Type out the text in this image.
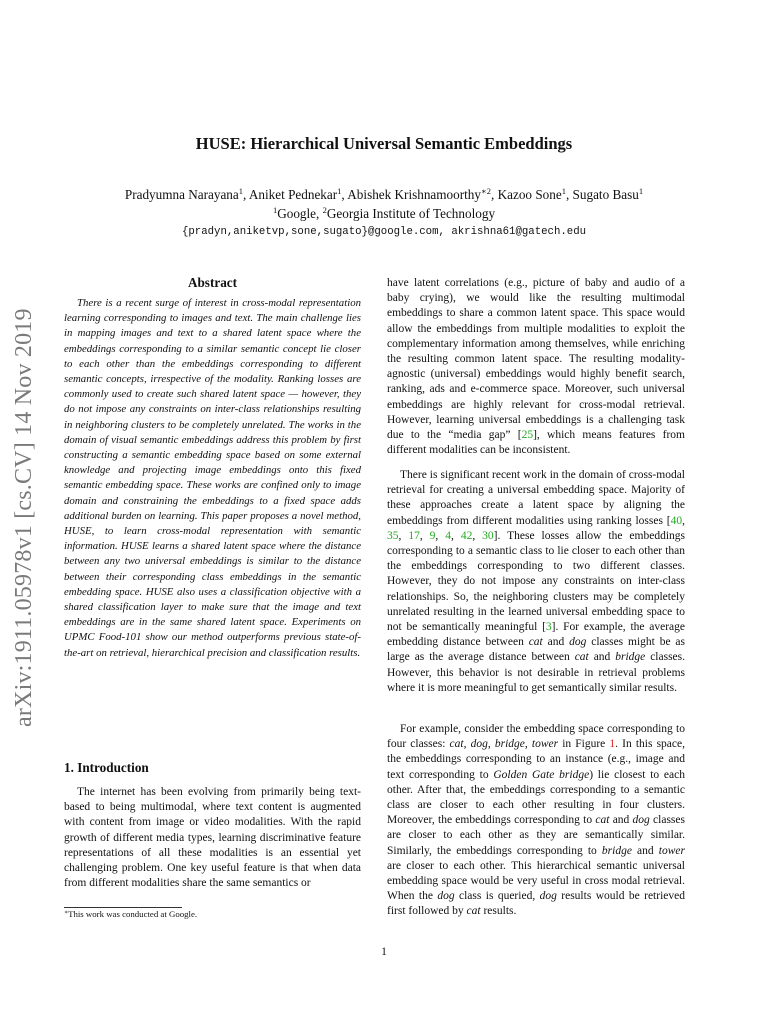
arXiv:1911.05978v1 [cs.CV] 14 Nov 2019
HUSE: Hierarchical Universal Semantic Embeddings
Pradyumna Narayana$^1$, Aniket Pednekar$^1$, Abishek Krishnamoorthy$^{∗2}$, Kazoo Sone$^1$, Sugato Basu$^1$
$^1$Google, $^2$Georgia Institute of Technology
{pradyn,aniketvp,sone,sugato}@google.com, akrishna61@gatech.edu
Abstract

There is a recent surge of interest in cross-modal representation learning corresponding to images and text. The main challenge lies in mapping images and text to a shared latent space where the embeddings corresponding to a similar semantic concept lie closer to each other than the embeddings corresponding to different semantic concepts, irrespective of the modality. Ranking losses are commonly used to create such shared latent space — however, they do not impose any constraints on inter-class relationships resulting in neighboring clusters to be completely unrelated. The works in the domain of visual semantic embeddings address this problem by first constructing a semantic embedding space based on some external knowledge and projecting image embeddings onto this fixed semantic embedding space. These works are confined only to image domain and constraining the embeddings to a fixed space adds additional burden on learning. This paper proposes a novel method, HUSE, to learn cross-modal representation with semantic information. HUSE learns a shared latent space where the distance between any two universal embeddings is similar to the distance between their corresponding class embeddings in the semantic embedding space. HUSE also uses a classification objective with a shared classification layer to make sure that the image and text embeddings are in the same shared latent space. Experiments on UPMC Food-101 show our method outperforms previous state-of-the-art on retrieval, hierarchical precision and classification results.

1. Introduction

The internet has been evolving from primarily being text-based to being multimodal, where text content is augmented with content from image or video modalities. With the rapid growth of different media types, learning discriminative feature representations of all these modalities is an essential yet challenging problem. One key useful feature is that when data from different modalities share the same semantics or

∗This work was conducted at Google.

have latent correlations (e.g., picture of baby and audio of a baby crying), we would like the resulting multimodal embeddings to share a common latent space. This space would allow the embeddings from multiple modalities to exploit the complementary information among themselves, while enriching the resulting common latent space. The resulting modality-agnostic (universal) embeddings would highly benefit search, ranking, ads and e-commerce space. Moreover, such universal embeddings are highly relevant for cross-modal retrieval. However, learning universal embeddings is a challenging task due to the “media gap” [25], which means features from different modalities can be inconsistent.

There is significant recent work in the domain of cross-modal retrieval for creating a universal embedding space. Majority of these approaches create a latent space by aligning the embeddings from different modalities using ranking losses [40, 35, 17, 9, 4, 42, 30]. These losses allow the embeddings corresponding to a semantic class to lie closer to each other than the embeddings corresponding to two different classes. However, they do not impose any constraints on inter-class relationships. So, the neighboring clusters may be completely unrelated resulting in the learned universal embedding space to not be semantically meaningful [3]. For example, the average embedding distance between cat and dog classes might be as large as the average distance between cat and bridge classes. However, this behavior is not desirable in retrieval problems where it is more meaningful to get semantically similar results.

For example, consider the embedding space corresponding to four classes: cat, dog, bridge, tower in Figure 1. In this space, the embeddings corresponding to an instance (e.g., image and text corresponding to Golden Gate bridge) lie closest to each other. After that, the embeddings corresponding to a semantic class are closer to each other resulting in four clusters. Moreover, the embeddings corresponding to cat and dog classes are closer to each other as they are semantically similar. Similarly, the embeddings corresponding to bridge and tower are closer to each other. This hierarchical semantic universal embedding space would be very useful in cross modal retrieval. When the dog class is queried, dog results would be retrieved first followed by cat results.

1
